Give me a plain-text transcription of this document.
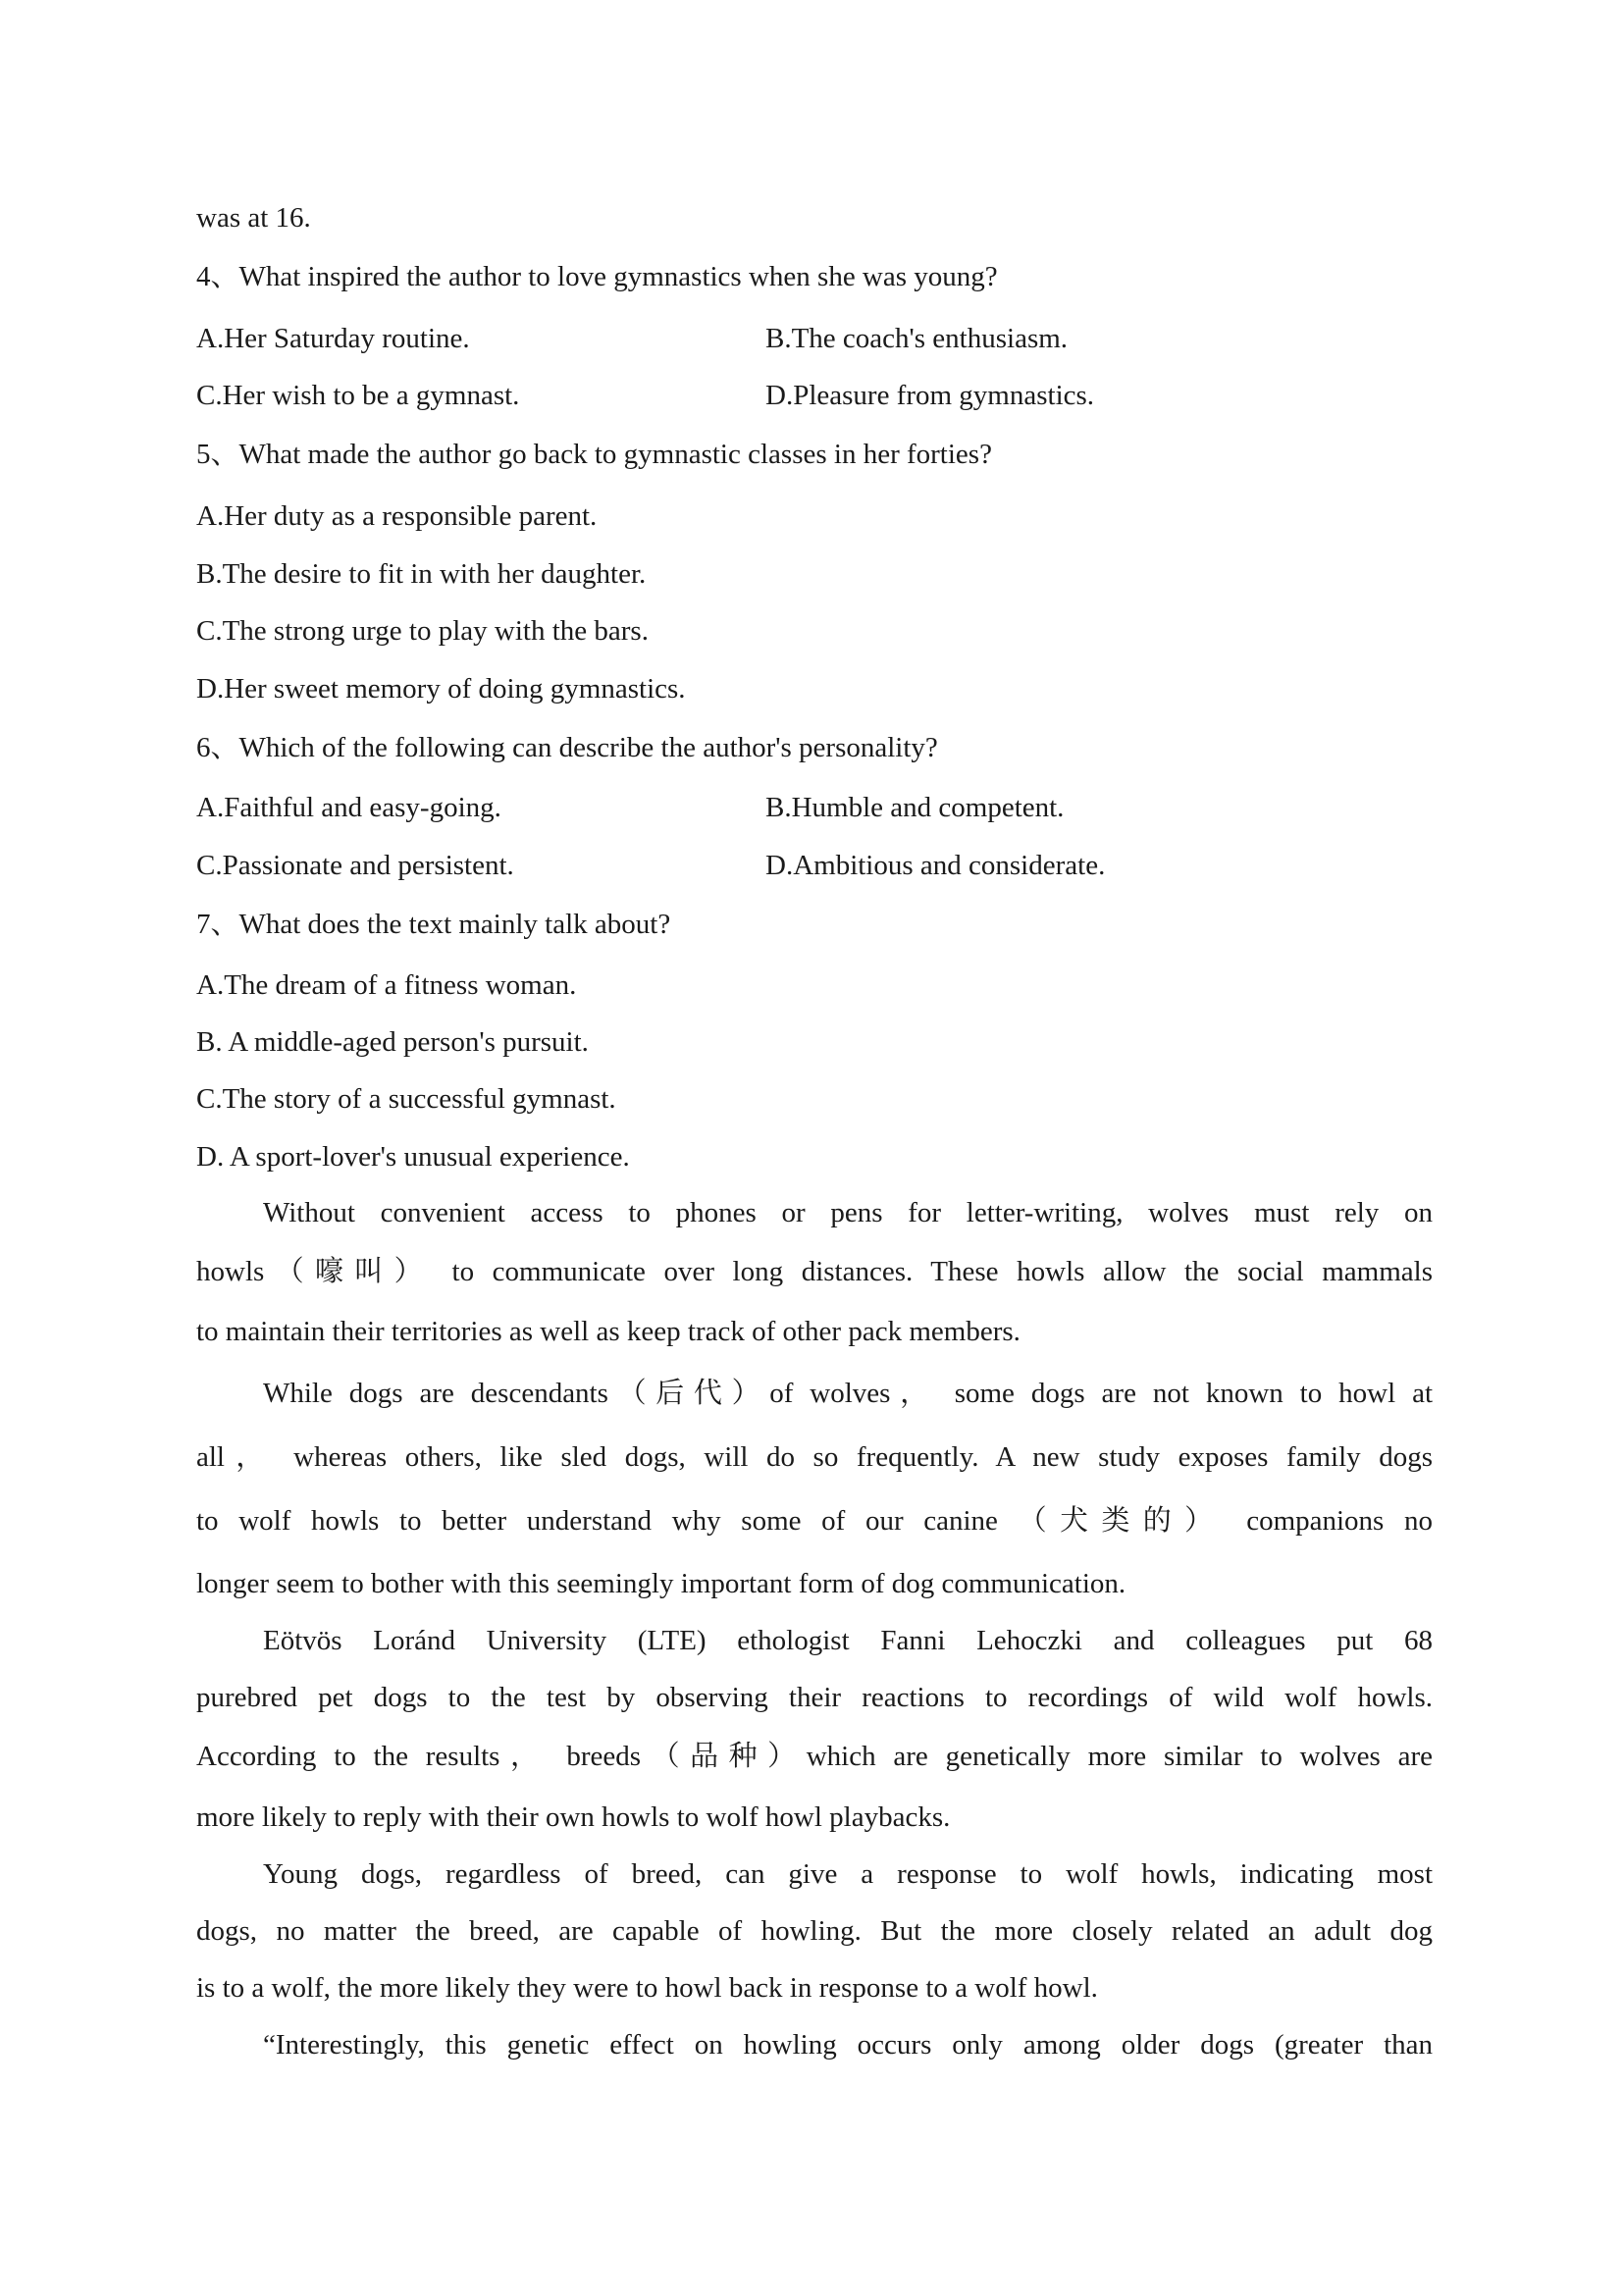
was at 16.
4、What inspired the author to love gymnastics when she was young?
A.Her Saturday routine.	B.The coach's enthusiasm.
C.Her wish to be a gymnast.	D.Pleasure from gymnastics.
5、What made the author go back to gymnastic classes in her forties?
A.Her duty as a responsible parent.
B.The desire to fit in with her daughter.
C.The strong urge to play with the bars.
D.Her sweet memory of doing gymnastics.
6、Which of the following can describe the author's personality?
A.Faithful and easy-going.	B.Humble and competent.
C.Passionate and persistent.	D.Ambitious and considerate.
7、What does the text mainly talk about?
A.The dream of a fitness woman.
B. A middle-aged person's pursuit.
C.The story of a successful gymnast.
D. A sport-lover's unusual experience.
Without convenient access to phones or pens for letter-writing, wolves must rely on
howls（嚎叫） to communicate over long distances. These howls allow the social mammals
to maintain their territories as well as keep track of other pack members.
While dogs are descendants（后代）of wolves， some dogs are not known to howl at
all， whereas others, like sled dogs, will do so frequently. A new study exposes family dogs
to wolf howls to better understand why some of our canine （犬类的） companions no
longer seem to bother with this seemingly important form of dog communication.
Eötvös Loránd University (LTE) ethologist Fanni Lehoczki and colleagues put 68
purebred pet dogs to the test by observing their reactions to recordings of wild wolf howls.
According to the results， breeds（品种）which are genetically more similar to wolves are
more likely to reply with their own howls to wolf howl playbacks.
Young dogs, regardless of breed, can give a response to wolf howls, indicating most
dogs, no matter the breed, are capable of howling. But the more closely related an adult dog
is to a wolf, the more likely they were to howl back in response to a wolf howl.
“Interestingly, this genetic effect on howling occurs only among older dogs (greater than
